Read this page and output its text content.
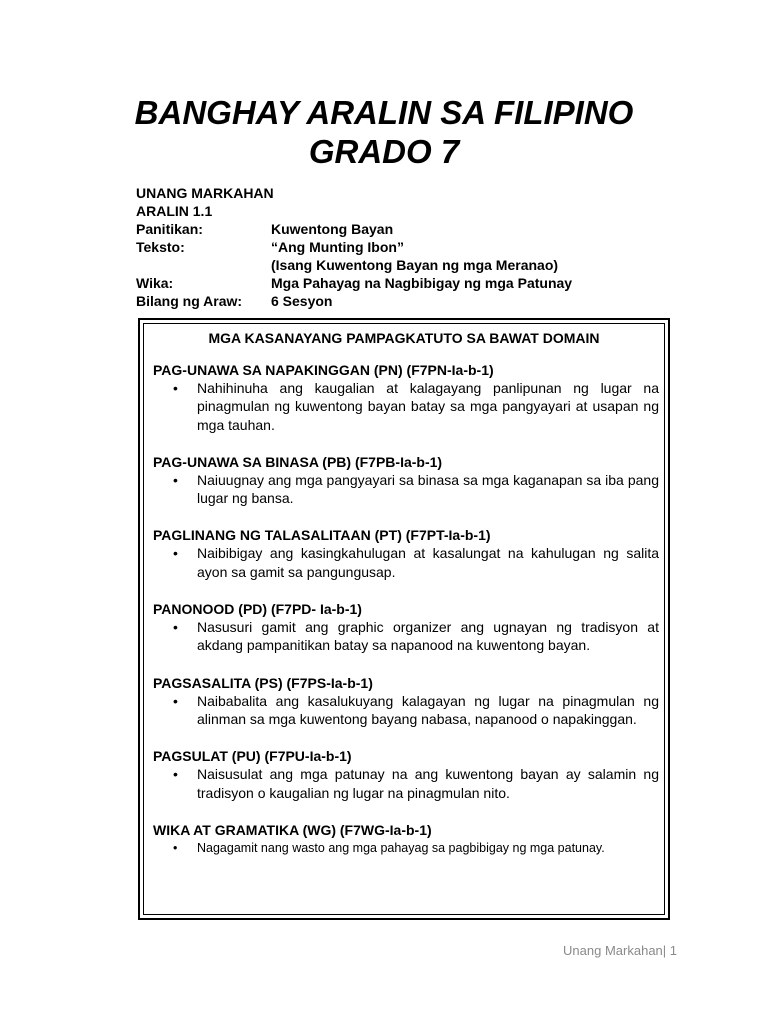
BANGHAY ARALIN SA FILIPINO
GRADO 7
UNANG MARKAHAN
ARALIN 1.1
Panitikan:	Kuwentong Bayan
Teksto:	“Ang Munting Ibon”
(Isang Kuwentong Bayan ng mga Meranao)
Wika:	Mga Pahayag na Nagbibigay ng mga Patunay
Bilang ng Araw:	6 Sesyon
MGA KASANAYANG PAMPAGKATUTO SA BAWAT DOMAIN
PAG-UNAWA SA NAPAKINGGAN (PN) (F7PN-Ia-b-1)
• Nahihinuha ang kaugalian at kalagayang panlipunan ng lugar na pinagmulan ng kuwentong bayan batay sa mga pangyayari at usapan ng mga tauhan.
PAG-UNAWA SA BINASA (PB) (F7PB-Ia-b-1)
• Naiuugnay ang mga pangyayari sa binasa sa mga kaganapan sa iba pang lugar ng bansa.
PAGLINANG NG TALASALITAAN (PT) (F7PT-Ia-b-1)
• Naibibigay ang kasingkahulugan at kasalungat na kahulugan ng salita ayon sa gamit sa pangungusap.
PANONOOD (PD) (F7PD- Ia-b-1)
• Nasusuri gamit ang graphic organizer ang ugnayan ng tradisyon at akdang pampanitikan batay sa napanood na kuwentong bayan.
PAGSASALITA (PS) (F7PS-Ia-b-1)
• Naibabalita ang kasalukuyang kalagayan ng lugar na pinagmulan ng alinman sa mga kuwentong bayang nabasa, napanood o napakinggan.
PAGSULAT (PU) (F7PU-Ia-b-1)
• Naisusulat ang mga patunay na ang kuwentong bayan ay salamin ng tradisyon o kaugalian ng lugar na pinagmulan nito.
WIKA AT GRAMATIKA (WG) (F7WG-Ia-b-1)
• Nagagamit nang wasto ang mga pahayag sa pagbibigay ng mga patunay.
Unang Markahan| 1
